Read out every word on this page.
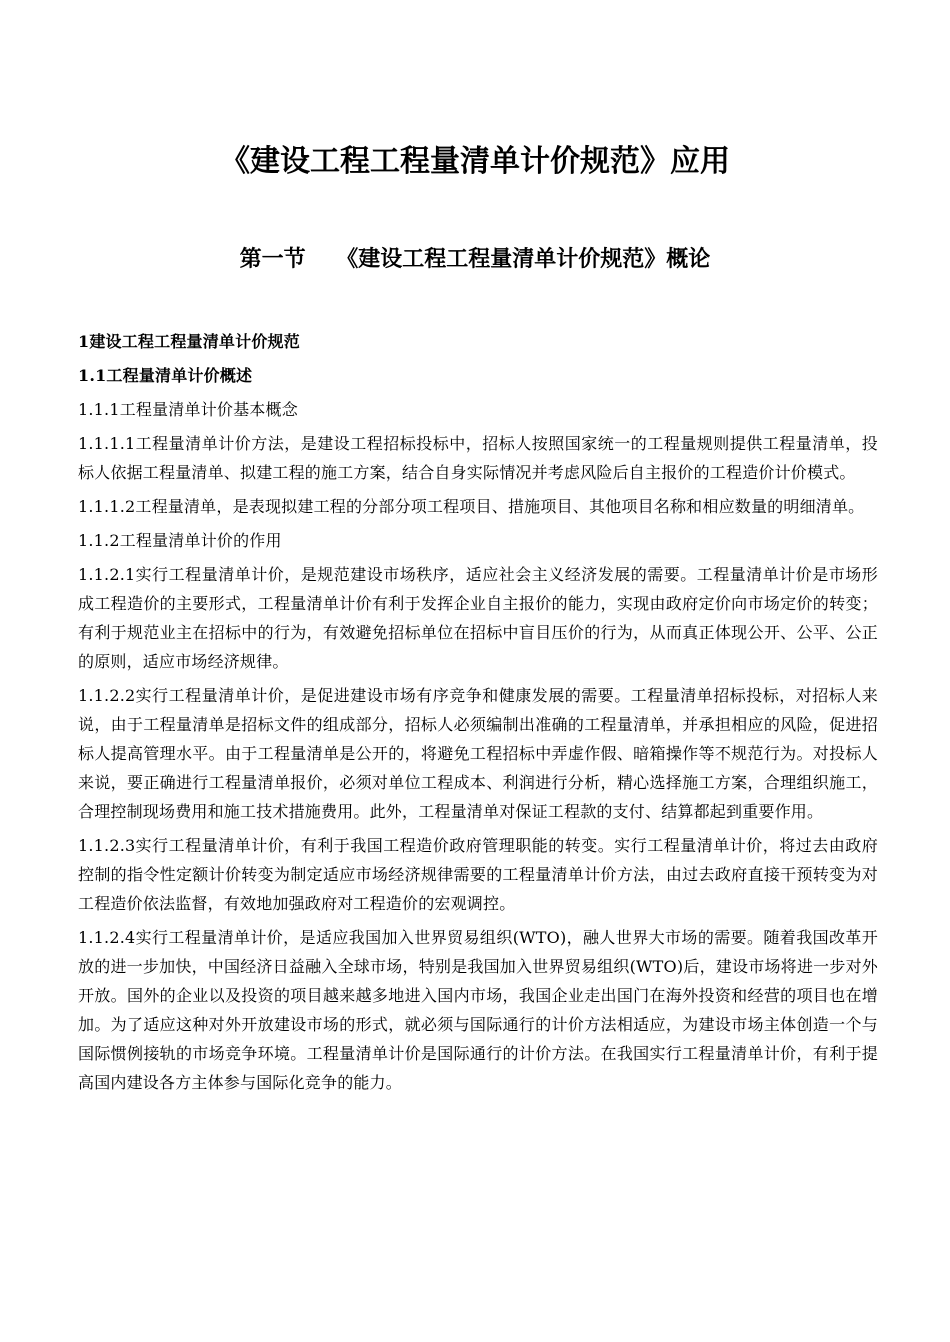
《建设工程工程量清单计价规范》应用
第一节    《建设工程工程量清单计价规范》概论

1建设工程工程量清单计价规范

1.1工程量清单计价概述

1.1.1工程量清单计价基本概念

1.1.1.1工程量清单计价方法，是建设工程招标投标中，招标人按照国家统一的工程量规则提供工程量清单，投标人依据工程量清单、拟建工程的施工方案，结合自身实际情况并考虑风险后自主报价的工程造价计价模式。

1.1.1.2工程量清单，是表现拟建工程的分部分项工程项目、措施项目、其他项目名称和相应数量的明细清单。

1.1.2工程量清单计价的作用

1.1.2.1实行工程量清单计价，是规范建设市场秩序，适应社会主义经济发展的需要。工程量清单计价是市场形成工程造价的主要形式，工程量清单计价有利于发挥企业自主报价的能力，实现由政府定价向市场定价的转变；有利于规范业主在招标中的行为，有效避免招标单位在招标中盲目压价的行为，从而真正体现公开、公平、公正的原则，适应市场经济规律。

1.1.2.2实行工程量清单计价，是促进建设市场有序竞争和健康发展的需要。工程量清单招标投标，对招标人来说，由于工程量清单是招标文件的组成部分，招标人必须编制出准确的工程量清单，并承担相应的风险，促进招标人提高管理水平。由于工程量清单是公开的，将避免工程招标中弄虚作假、暗箱操作等不规范行为。对投标人来说，要正确进行工程量清单报价，必须对单位工程成本、利润进行分析，精心选择施工方案，合理组织施工，合理控制现场费用和施工技术措施费用。此外，工程量清单对保证工程款的支付、结算都起到重要作用。

1.1.2.3实行工程量清单计价，有利于我国工程造价政府管理职能的转变。实行工程量清单计价，将过去由政府控制的指令性定额计价转变为制定适应市场经济规律需要的工程量清单计价方法，由过去政府直接干预转变为对工程造价依法监督，有效地加强政府对工程造价的宏观调控。

1.1.2.4实行工程量清单计价，是适应我国加入世界贸易组织(WTO)，融人世界大市场的需要。随着我国改革开放的进一步加快，中国经济日益融入全球市场，特别是我国加入世界贸易组织(WTO)后，建设市场将进一步对外开放。国外的企业以及投资的项目越来越多地进入国内市场，我国企业走出国门在海外投资和经营的项目也在增加。为了适应这种对外开放建设市场的形式，就必须与国际通行的计价方法相适应，为建设市场主体创造一个与国际惯例接轨的市场竞争环境。工程量清单计价是国际通行的计价方法。在我国实行工程量清单计价，有利于提高国内建设各方主体参与国际化竞争的能力。
